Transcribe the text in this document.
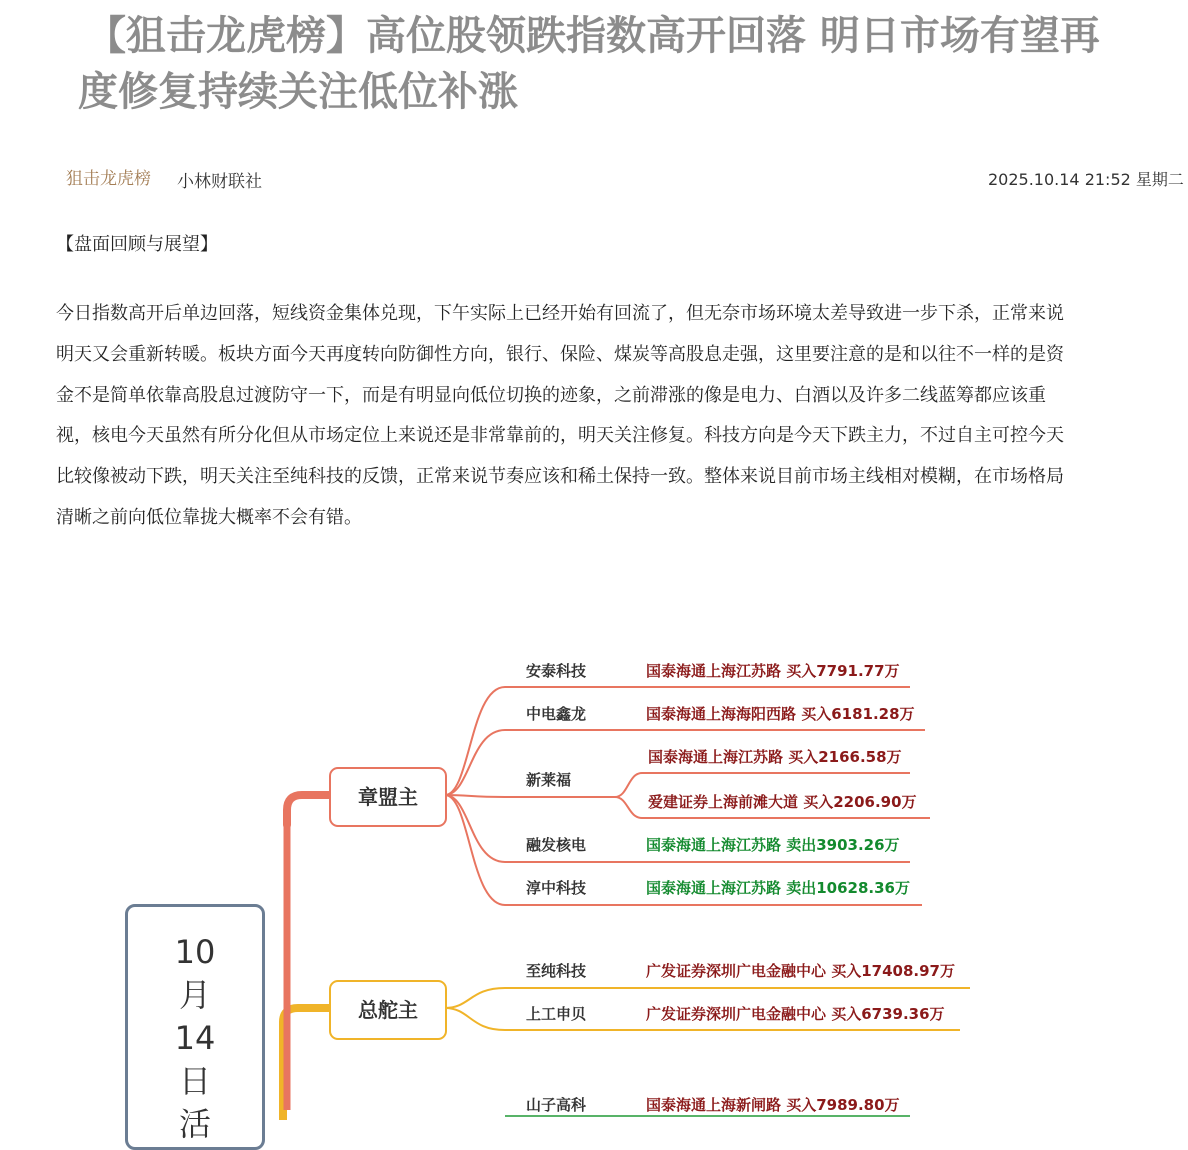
【狙击龙虎榜】高位股领跌指数高开回落 明日市场有望再
度修复持续关注低位补涨
狙击龙虎榜 小林财联社	2025.10.14 21:52 星期二
【盘面回顾与展望】
今日指数高开后单边回落，短线资金集体兑现，下午实际上已经开始有回流了，但无奈市场环境太差导致进一步下杀，正常来说
明天又会重新转暖。板块方面今天再度转向防御性方向，银行、保险、煤炭等高股息走强，这里要注意的是和以往不一样的是资
金不是简单依靠高股息过渡防守一下，而是有明显向低位切换的迹象，之前滞涨的像是电力、白酒以及许多二线蓝筹都应该重
视，核电今天虽然有所分化但从市场定位上来说还是非常靠前的，明天关注修复。科技方向是今天下跌主力，不过自主可控今天
比较像被动下跌，明天关注至纯科技的反馈，正常来说节奏应该和稀土保持一致。整体来说目前市场主线相对模糊，在市场格局
清晰之前向低位靠拢大概率不会有错。
10
月
14
日
活
章盟主
总舵主
安泰科技	国泰海通上海江苏路 买入7791.77万
中电鑫龙	国泰海通上海海阳西路 买入6181.28万
新莱福
国泰海通上海江苏路 买入2166.58万
爱建证券上海前滩大道 买入2206.90万
融发核电	国泰海通上海江苏路 卖出3903.26万
淳中科技	国泰海通上海江苏路 卖出10628.36万
至纯科技	广发证券深圳广电金融中心 买入17408.97万
上工申贝	广发证券深圳广电金融中心 买入6739.36万
山子高科	国泰海通上海新闸路 买入7989.80万
